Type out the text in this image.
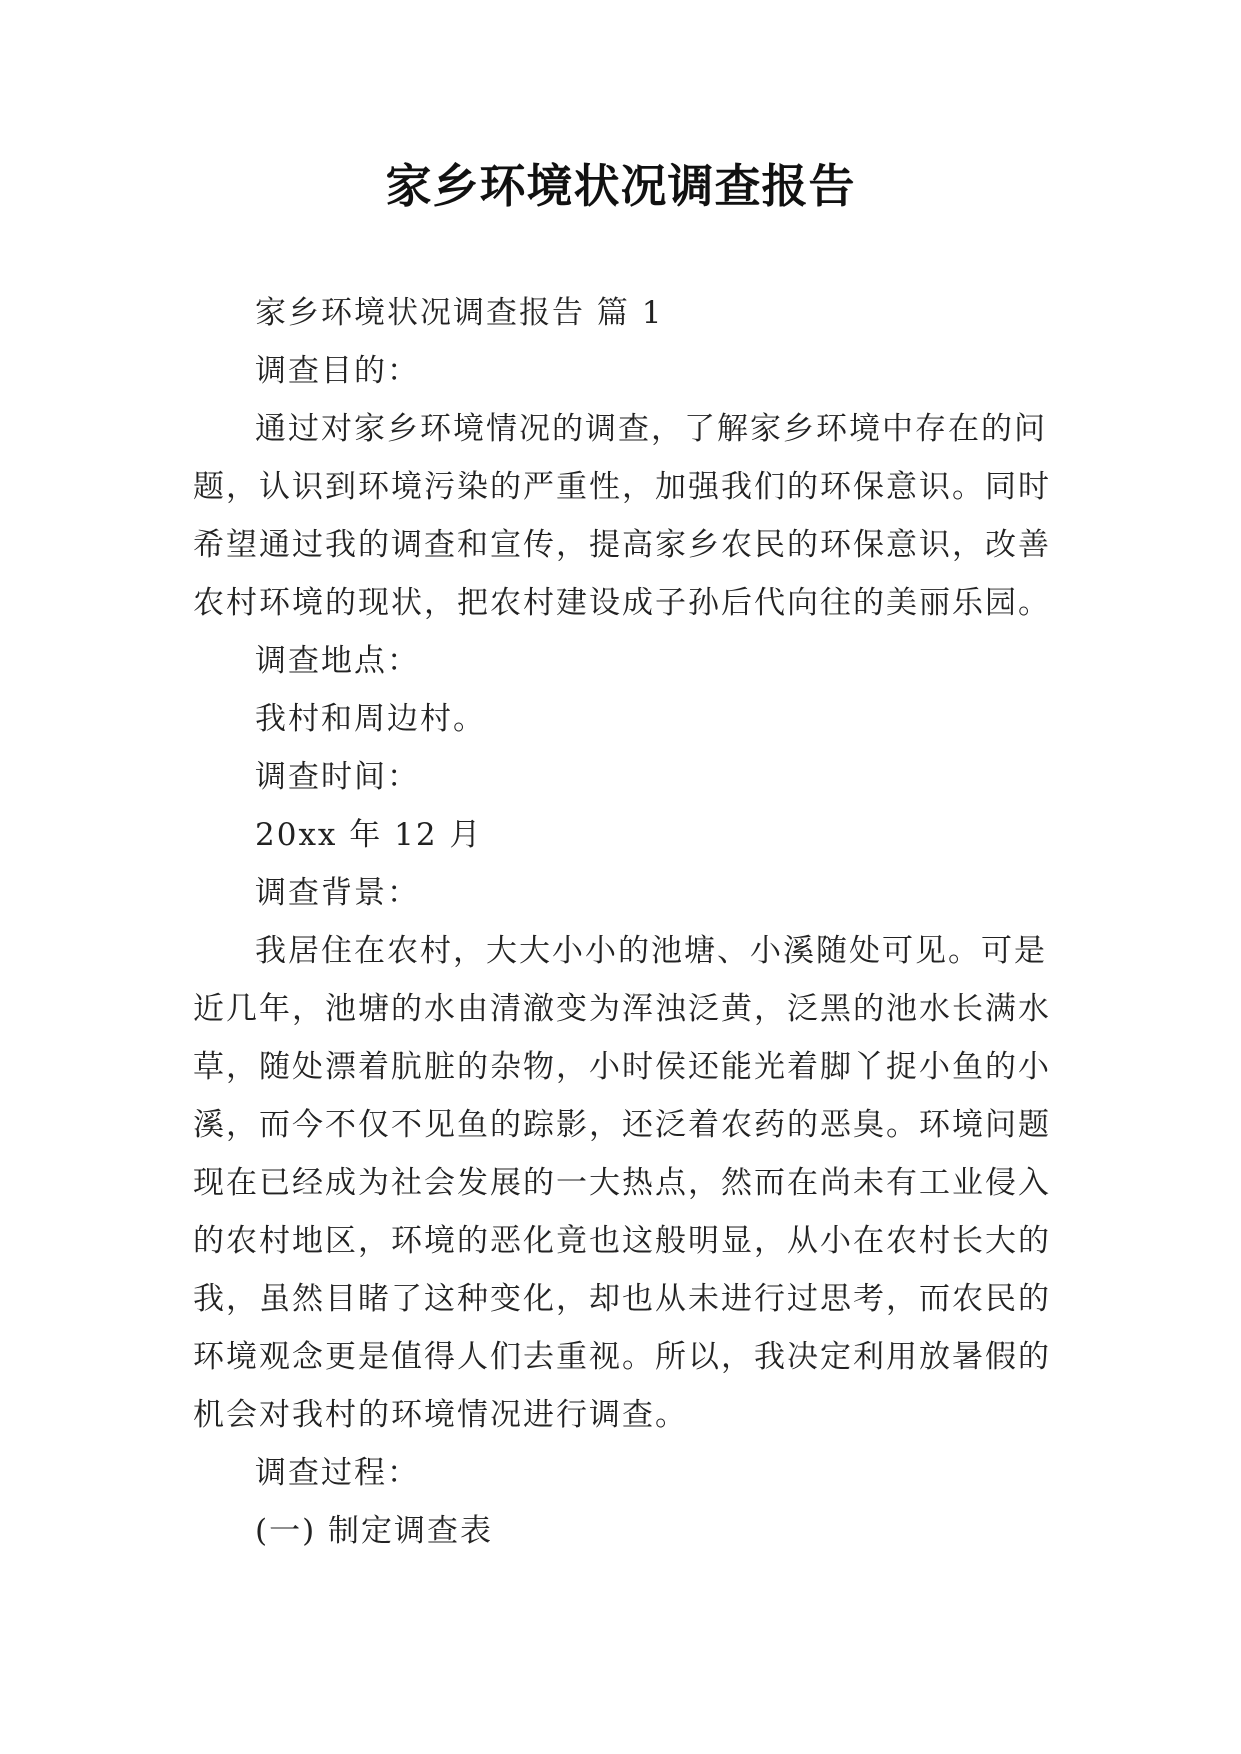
家乡环境状况调查报告
家乡环境状况调查报告 篇 1
调查目的：
通过对家乡环境情况的调查，了解家乡环境中存在的问
题，认识到环境污染的严重性，加强我们的环保意识。同时
希望通过我的调查和宣传，提高家乡农民的环保意识，改善
农村环境的现状，把农村建设成子孙后代向往的美丽乐园。
调查地点：
我村和周边村。
调查时间：
20xx 年 12 月
调查背景：
我居住在农村，大大小小的池塘、小溪随处可见。可是
近几年，池塘的水由清澈变为浑浊泛黄，泛黑的池水长满水
草，随处漂着肮脏的杂物，小时侯还能光着脚丫捉小鱼的小
溪，而今不仅不见鱼的踪影，还泛着农药的恶臭。环境问题
现在已经成为社会发展的一大热点，然而在尚未有工业侵入
的农村地区，环境的恶化竟也这般明显，从小在农村长大的
我，虽然目睹了这种变化，却也从未进行过思考，而农民的
环境观念更是值得人们去重视。所以，我决定利用放暑假的
机会对我村的环境情况进行调查。
调查过程：
(一) 制定调查表
